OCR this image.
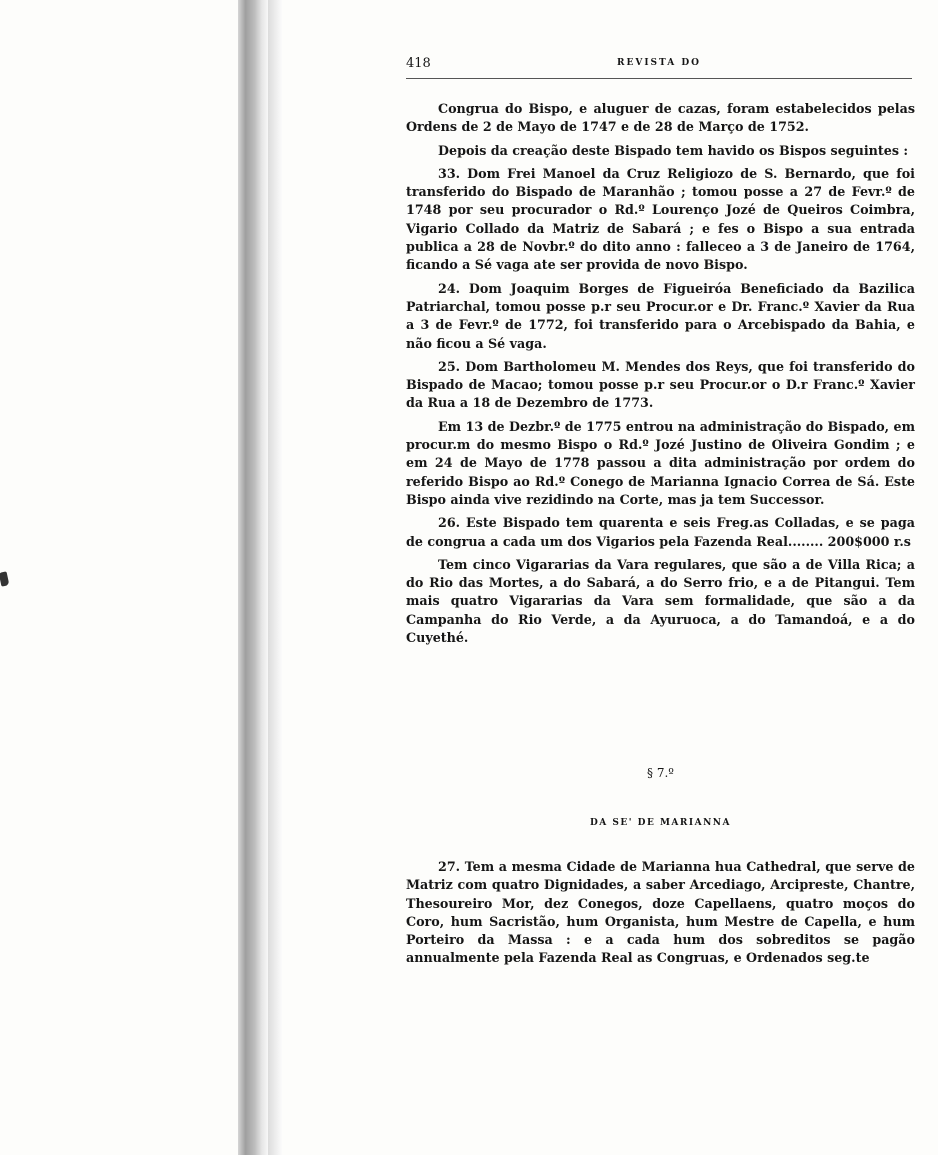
418	REVISTA DO

Congrua do Bispo, e aluguer de cazas, foram estabelecidos pelas Ordens de 2 de Mayo de 1747 e de 28 de Março de 1752.

Depois da creação deste Bispado tem havido os Bispos seguintes :

33. Dom Frei Manoel da Cruz Religiozo de S. Bernardo, que foi transferido do Bispado de Maranhão ; tomou posse a 27 de Fevr.º de 1748 por seu procurador o Rd.º Lourenço Jozé de Queiros Coimbra, Vigario Collado da Matriz de Sabará ; e fes o Bispo a sua entrada publica a 28 de Novbr.º do dito anno : falleceo a 3 de Janeiro de 1764, ficando a Sé vaga ate ser provida de novo Bispo.

24. Dom Joaquim Borges de Figueiróa Beneficiado da Bazilica Patriarchal, tomou posse p.r seu Procur.or e Dr. Franc.º Xavier da Rua a 3 de Fevr.º de 1772, foi transferido para o Arcebispado da Bahia, e não ficou a Sé vaga.

25. Dom Bartholomeu M. Mendes dos Reys, que foi transferido do Bispado de Macao; tomou posse p.r seu Procur.or o D.r Franc.º Xavier da Rua a 18 de Dezembro de 1773.

Em 13 de Dezbr.º de 1775 entrou na administração do Bispado, em procur.m do mesmo Bispo o Rd.º Jozé Justino de Oliveira Gondim ; e em 24 de Mayo de 1778 passou a dita administração por ordem do referido Bispo ao Rd.º Conego de Marianna Ignacio Correa de Sá. Este Bispo ainda vive rezidindo na Corte, mas ja tem Successor.

26. Este Bispado tem quarenta e seis Freg.as Colladas, e se paga de congrua a cada um dos Vigarios pela Fazenda Real........ 200$000 r.s

Tem cinco Vigararias da Vara regulares, que são a de Villa Rica; a do Rio das Mortes, a do Sabará, a do Serro frio, e a de Pitangui. Tem mais quatro Vigararias da Vara sem formalidade, que são a da Campanha do Rio Verde, a da Ayuruoca, a do Tamandoá, e a do Cuyethé.

§ 7.º
DA SE' DE MARIANNA

27. Tem a mesma Cidade de Marianna hua Cathedral, que serve de Matriz com quatro Dignidades, a saber Arcediago, Arcipreste, Chantre, Thesoureiro Mor, dez Conegos, doze Capellaens, quatro moços do Coro, hum Sacristão, hum Organista, hum Mestre de Capella, e hum Porteiro da Massa : e a cada hum dos sobreditos se pagão annualmente pela Fazenda Real as Congruas, e Ordenados seg.te
